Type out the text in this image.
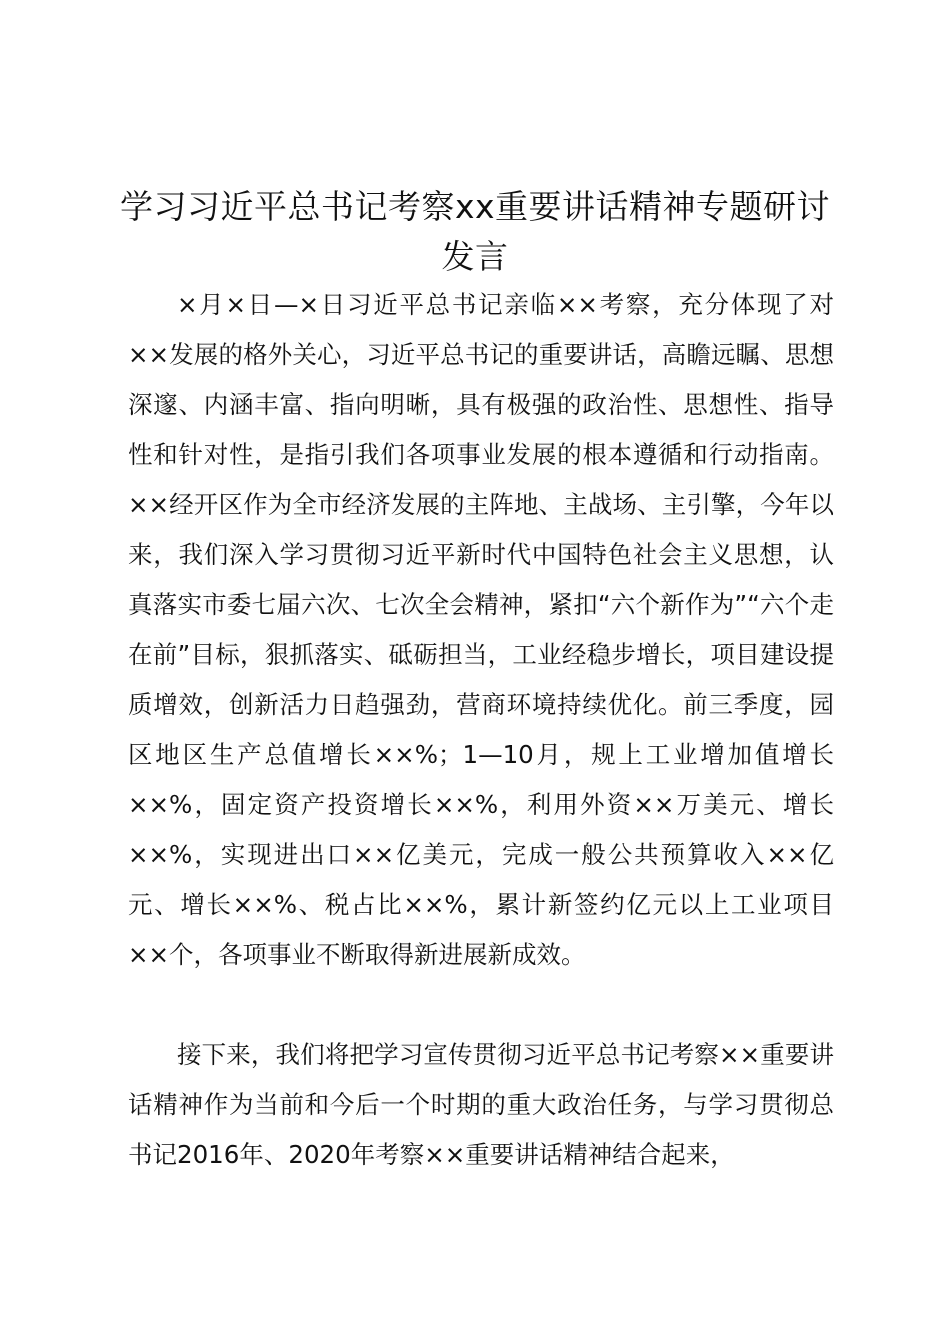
学习习近平总书记考察xx重要讲话精神专题研讨发言

×月×日—×日习近平总书记亲临××考察，充分体现了对××发展的格外关心，习近平总书记的重要讲话，高瞻远瞩、思想深邃、内涵丰富、指向明晰，具有极强的政治性、思想性、指导性和针对性，是指引我们各项事业发展的根本遵循和行动指南。××经开区作为全市经济发展的主阵地、主战场、主引擎，今年以来，我们深入学习贯彻习近平新时代中国特色社会主义思想，认真落实市委七届六次、七次全会精神，紧扣“六个新作为”“六个走在前”目标，狠抓落实、砥砺担当，工业经稳步增长，项目建设提质增效，创新活力日趋强劲，营商环境持续优化。前三季度，园区地区生产总值增长××%；1—10月，规上工业增加值增长××%，固定资产投资增长××%，利用外资××万美元、增长××%，实现进出口××亿美元，完成一般公共预算收入××亿元、增长××%、税占比××%，累计新签约亿元以上工业项目××个，各项事业不断取得新进展新成效。

接下来，我们将把学习宣传贯彻习近平总书记考察××重要讲话精神作为当前和今后一个时期的重大政治任务，与学习贯彻总书记2016年、2020年考察××重要讲话精神结合起来，
